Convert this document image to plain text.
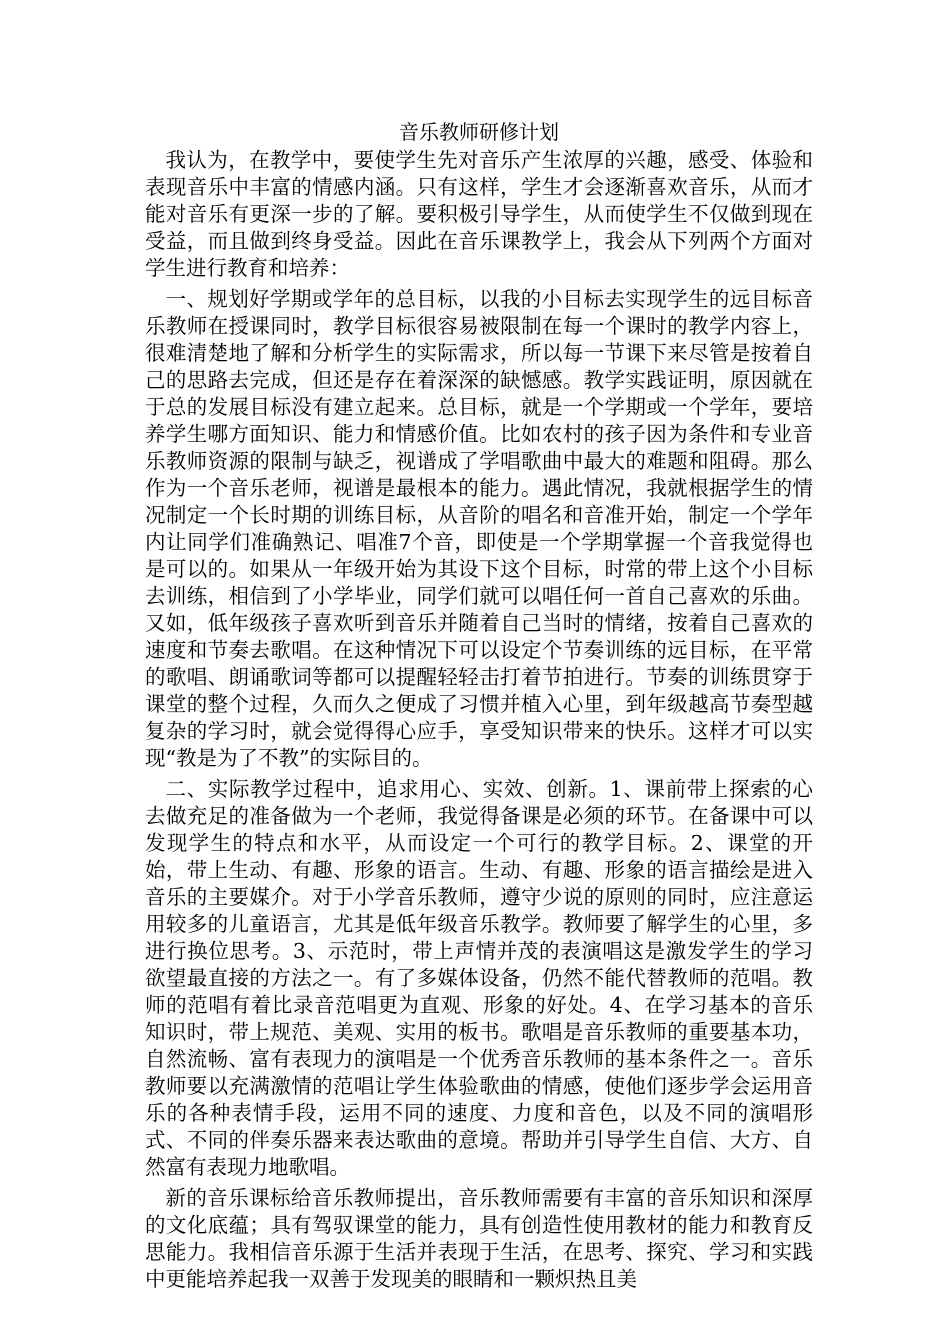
音乐教师研修计划

我认为，在教学中，要使学生先对音乐产生浓厚的兴趣，感受、体验和表现音乐中丰富的情感内涵。只有这样，学生才会逐渐喜欢音乐，从而才能对音乐有更深一步的了解。要积极引导学生，从而使学生不仅做到现在受益，而且做到终身受益。因此在音乐课教学上，我会从下列两个方面对学生进行教育和培养：

一、规划好学期或学年的总目标，以我的小目标去实现学生的远目标音乐教师在授课同时，教学目标很容易被限制在每一个课时的教学内容上，很难清楚地了解和分析学生的实际需求，所以每一节课下来尽管是按着自己的思路去完成，但还是存在着深深的缺憾感。教学实践证明，原因就在于总的发展目标没有建立起来。总目标，就是一个学期或一个学年，要培养学生哪方面知识、能力和情感价值。比如农村的孩子因为条件和专业音乐教师资源的限制与缺乏，视谱成了学唱歌曲中最大的难题和阻碍。那么作为一个音乐老师，视谱是最根本的能力。遇此情况，我就根据学生的情况制定一个长时期的训练目标，从音阶的唱名和音准开始，制定一个学年内让同学们准确熟记、唱准7个音，即使是一个学期掌握一个音我觉得也是可以的。如果从一年级开始为其设下这个目标，时常的带上这个小目标去训练，相信到了小学毕业，同学们就可以唱任何一首自己喜欢的乐曲。又如，低年级孩子喜欢听到音乐并随着自己当时的情绪，按着自己喜欢的速度和节奏去歌唱。在这种情况下可以设定个节奏训练的远目标，在平常的歌唱、朗诵歌词等都可以提醒轻轻击打着节拍进行。节奏的训练贯穿于课堂的整个过程，久而久之便成了习惯并植入心里，到年级越高节奏型越复杂的学习时，就会觉得得心应手，享受知识带来的快乐。这样才可以实现“教是为了不教”的实际目的。

二、实际教学过程中，追求用心、实效、创新。1、课前带上探索的心去做充足的准备做为一个老师，我觉得备课是必须的环节。在备课中可以发现学生的特点和水平，从而设定一个可行的教学目标。2、课堂的开始，带上生动、有趣、形象的语言。生动、有趣、形象的语言描绘是进入音乐的主要媒介。对于小学音乐教师，遵守少说的原则的同时，应注意运用较多的儿童语言，尤其是低年级音乐教学。教师要了解学生的心里，多进行换位思考。3、示范时，带上声情并茂的表演唱这是激发学生的学习欲望最直接的方法之一。有了多媒体设备，仍然不能代替教师的范唱。教师的范唱有着比录音范唱更为直观、形象的好处。4、在学习基本的音乐知识时，带上规范、美观、实用的板书。歌唱是音乐教师的重要基本功，自然流畅、富有表现力的演唱是一个优秀音乐教师的基本条件之一。音乐教师要以充满激情的范唱让学生体验歌曲的情感，使他们逐步学会运用音乐的各种表情手段，运用不同的速度、力度和音色，以及不同的演唱形式、不同的伴奏乐器来表达歌曲的意境。帮助并引导学生自信、大方、自然富有表现力地歌唱。

新的音乐课标给音乐教师提出，音乐教师需要有丰富的音乐知识和深厚的文化底蕴；具有驾驭课堂的能力，具有创造性使用教材的能力和教育反思能力。我相信音乐源于生活并表现于生活，在思考、探究、学习和实践中更能培养起我一双善于发现美的眼睛和一颗炽热且美
